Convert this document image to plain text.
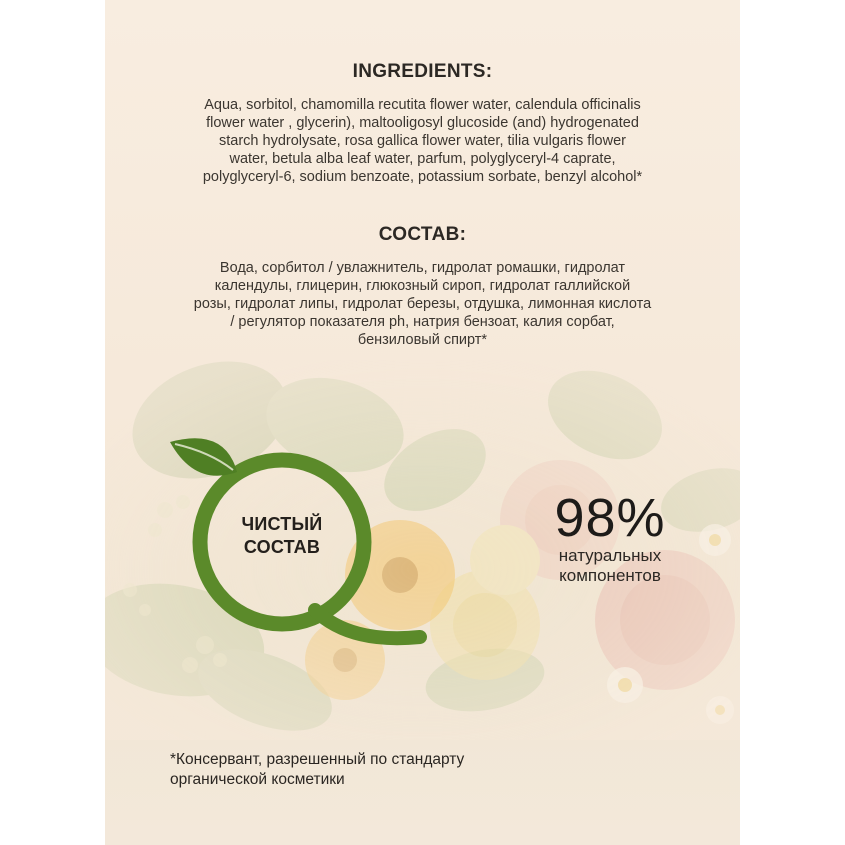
INGREDIENTS:
Aqua, sorbitol, chamomilla recutita flower water, calendula officinalis
flower water , glycerin), maltooligosyl glucoside (and) hydrogenated
starch hydrolysate, rosa gallica flower water, tilia vulgaris flower
water, betula alba leaf water, parfum, polyglyceryl-4 caprate,
polyglyceryl-6, sodium benzoate, potassium sorbate, benzyl alcohol*
СОСТАВ:
Вода, сорбитол / увлажнитель, гидролат ромашки, гидролат
календулы, глицерин, глюкозный сироп, гидролат галлийской
розы, гидролат липы, гидролат березы, отдушка, лимонная кислота
/ регулятор показателя ph, натрия бензоат, калия сорбат,
бензиловый спирт*
ЧИСТЫЙ
СОСТАВ	98%
натуральных
компонентов
*Консервант, разрешенный по стандарту
органической косметики
